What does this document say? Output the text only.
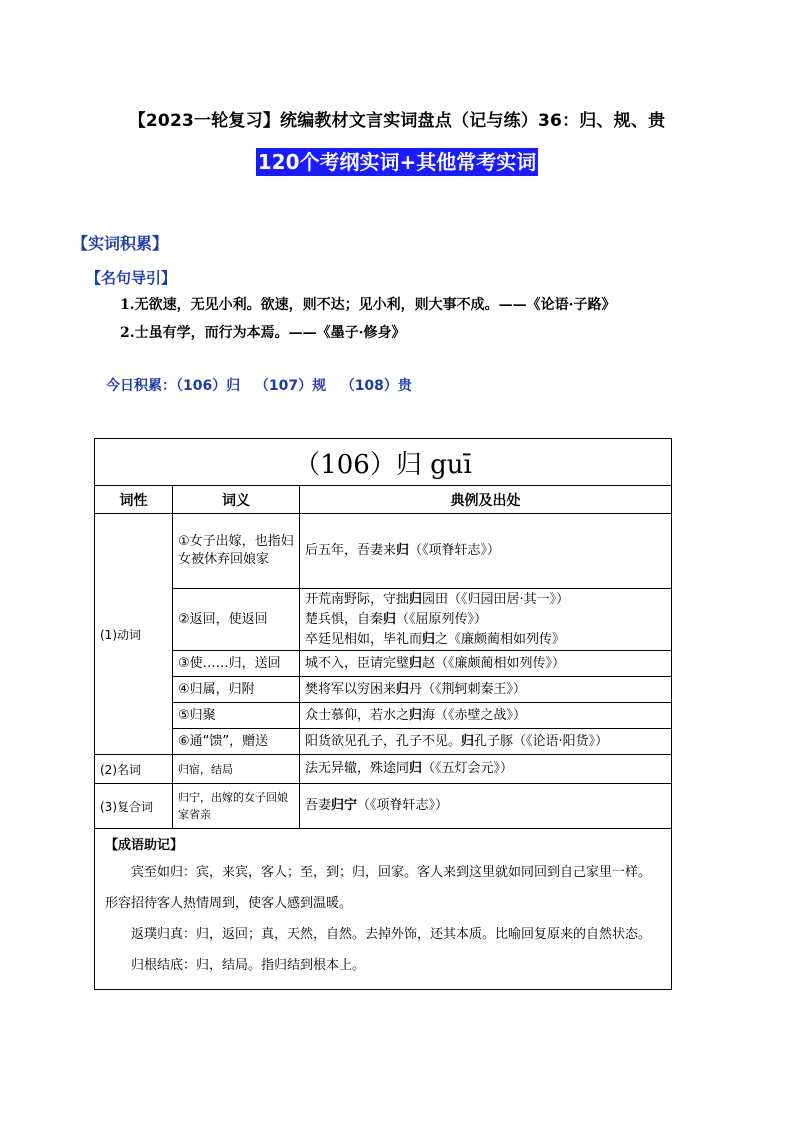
【2023一轮复习】统编教材文言实词盘点（记与练）36：归、规、贵
120个考纲实词+其他常考实词
【实词积累】
【名句导引】
1.无欲速，无见小利。欲速，则不达；见小利，则大事不成。——《论语·子路》
2.士虽有学，而行为本焉。——《墨子·修身》
今日积累：（106）归   （107）规   （108）贵
（106）归 guī		
词性	词义	典例及出处
(1)动词	①女子出嫁，也指妇女被休弃回娘家	后五年，吾妻来归（《项脊轩志》）

	②返回，使返回	开荒南野际，守拙归园田（《归园田居·其一》）
楚兵惧，自秦归（《屈原列传》）
卒廷见相如，毕礼而归之《廉颇蔺相如列传》

	③使……归，送回	城不入，臣请完璧归赵（《廉颇蔺相如列传》）

	④归属，归附	樊将军以穷困来归丹（《荆轲刺秦王》）

	⑤归聚	众士慕仰，若水之归海（《赤壁之战》）

	⑥通“馈”，赠送	阳货欲见孔子，孔子不见。归孔子豚（《论语·阳货》）

(2)名词	归宿，结局	法无异辙，殊途同归（《五灯会元》）

(3)复合词	归宁，出嫁的女子回娘家省亲	吾妻归宁（《项脊轩志》）

【成语助记】

宾至如归：宾，来宾，客人；至，到；归，回家。客人来到这里就如同回到自己家里一样。形容招待客人热情周到，使客人感到温暖。

返璞归真：归，返回；真，天然，自然。去掉外饰，还其本质。比喻回复原来的自然状态。

归根结底：归，结局。指归结到根本上。		
